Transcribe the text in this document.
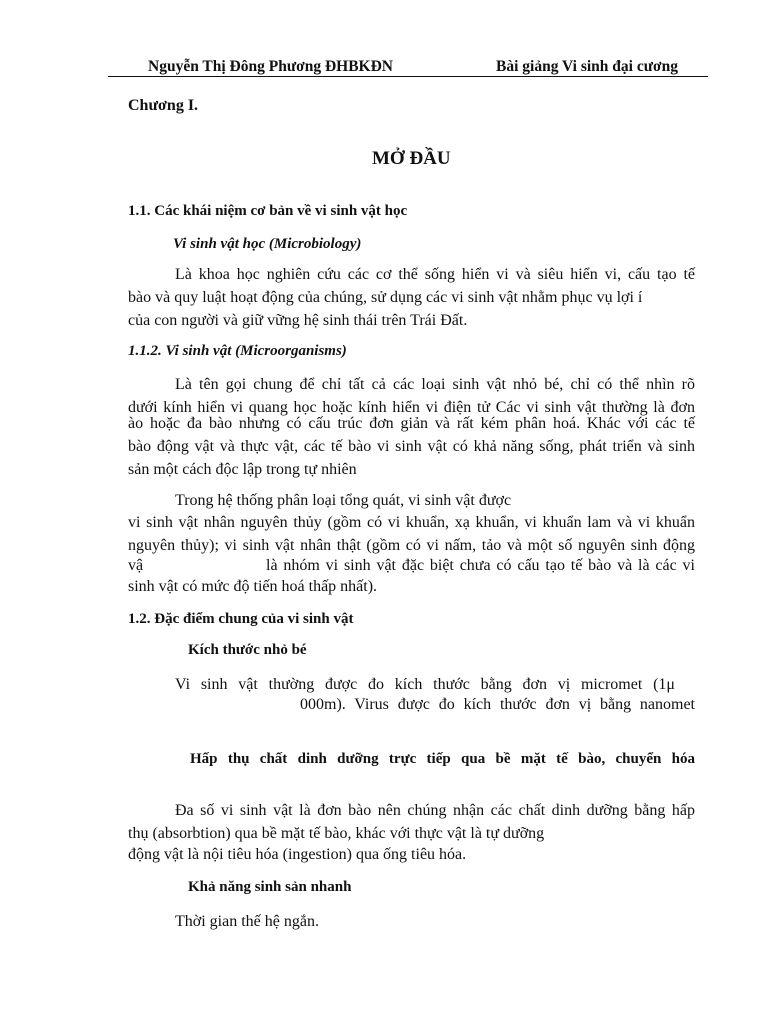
Nguyễn Thị Đông Phương ĐHBKĐN	Bài giảng Vi sinh đại cương
Chương I.
MỞ ĐẦU
1.1. Các khái niệm cơ bản về vi sinh vật học
Vi sinh vật học (Microbiology)
Là khoa học nghiên cứu các cơ thể sống hiển vi và siêu hiển vi, cấu tạo tế
bào và quy luật hoạt động của chúng, sử dụng các vi sinh vật nhằm phục vụ lợi í
của con người và giữ vững hệ sinh thái trên Trái Đất.
1.1.2. Vi sinh vật (Microorganisms)
Là tên gọi chung để chỉ tất cả các loại sinh vật nhỏ bé, chỉ có thể nhìn rõ
dưới kính hiển vi quang học hoặc kính hiển vi điện tử Các vi sinh vật thường là đơn
ào hoặc đa bào nhưng có cấu trúc đơn giản và rất kém phân hoá. Khác với các tế
bào động vật và thực vật, các tế bào vi sinh vật có khả năng sống, phát triển và sinh
sản một cách độc lập trong tự nhiên
Trong hệ thống phân loại tổng quát, vi sinh vật được
vi sinh vật nhân nguyên thủy (gồm có vi khuẩn, xạ khuẩn, vi khuẩn lam và vi khuẩn
nguyên thủy); vi sinh vật nhân thật (gồm có vi nấm, tảo và một số nguyên sinh động
vậ	là nhóm vi sinh vật đặc biệt chưa có cấu tạo tế bào và là các vi
sinh vật có mức độ tiến hoá thấp nhất).
1.2. Đặc điểm chung của vi sinh vật
Kích thước nhỏ bé
Vi sinh vật thường được đo kích thước bằng đơn vị micromet (1μ
000m). Virus được đo kích thước đơn vị bằng nanomet
Hấp thụ chất dinh dưỡng trực tiếp qua bề mặt tế bào, chuyển hóa
Đa số vi sinh vật là đơn bào nên chúng nhận các chất dinh dưỡng bằng hấp
thụ (absorbtion) qua bề mặt tế bào, khác với thực vật là tự dưỡng
động vật là nội tiêu hóa (ingestion) qua ống tiêu hóa.
Khả năng sinh sản nhanh
Thời gian thế hệ ngắn.
